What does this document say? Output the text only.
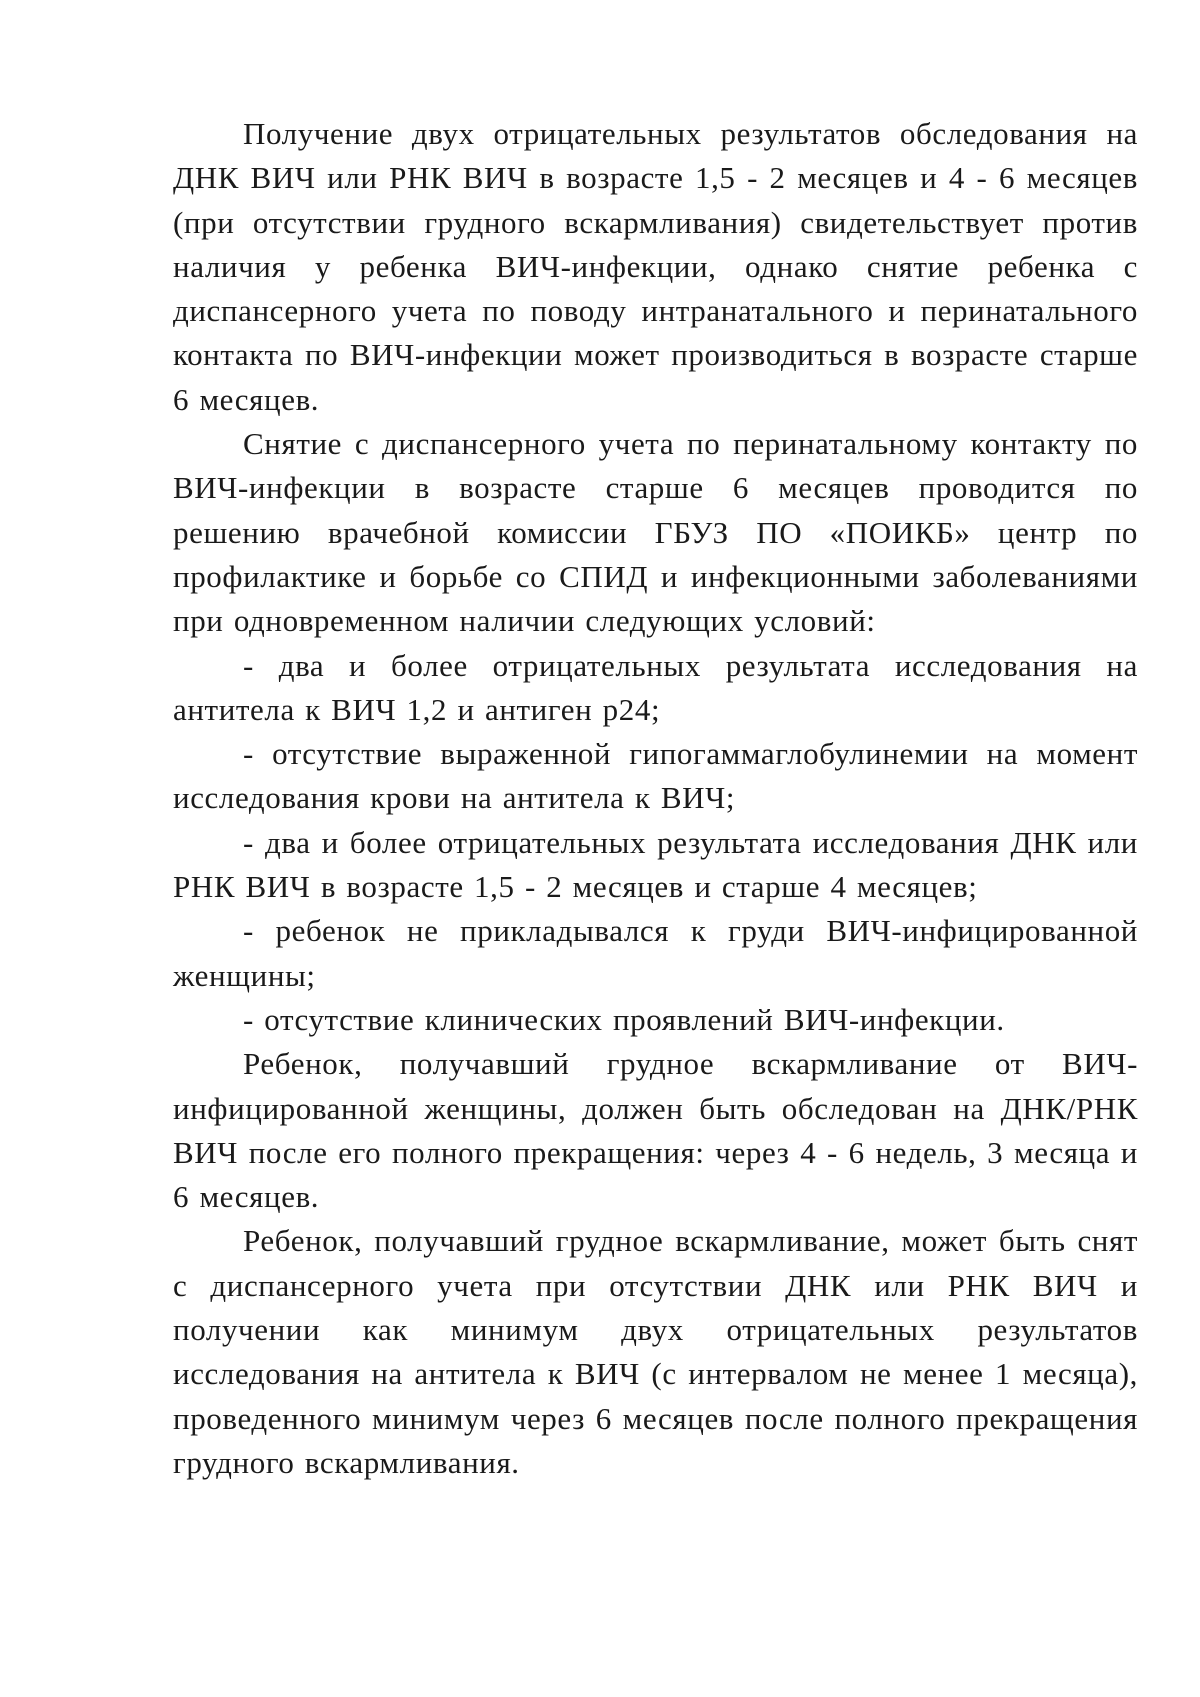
Получение двух отрицательных результатов обследования на ДНК ВИЧ или РНК ВИЧ в возрасте 1,5 - 2 месяцев и 4 - 6 месяцев (при отсутствии грудного вскармливания) свидетельствует против наличия у ребенка ВИЧ-инфекции, однако снятие ребенка с диспансерного учета по поводу интранатального и перинатального контакта по ВИЧ-инфекции может производиться в возрасте старше 6 месяцев.

Снятие с диспансерного учета по перинатальному контакту по ВИЧ-инфекции в возрасте старше 6 месяцев проводится по решению врачебной комиссии ГБУЗ ПО «ПОИКБ» центр по профилактике и борьбе со СПИД и инфекционными заболеваниями при одновременном наличии следующих условий:

- два и более отрицательных результата исследования на антитела к ВИЧ 1,2 и антиген р24;

- отсутствие выраженной гипогаммаглобулинемии на момент исследования крови на антитела к ВИЧ;

- два и более отрицательных результата исследования ДНК или РНК ВИЧ в возрасте 1,5 - 2 месяцев и старше 4 месяцев;

- ребенок не прикладывался к груди ВИЧ-инфицированной женщины;

- отсутствие клинических проявлений ВИЧ-инфекции.

Ребенок, получавший грудное вскармливание от ВИЧ-инфицированной женщины, должен быть обследован на ДНК/РНК ВИЧ после его полного прекращения: через 4 - 6 недель, 3 месяца и 6 месяцев.

Ребенок, получавший грудное вскармливание, может быть снят с диспансерного учета при отсутствии ДНК или РНК ВИЧ и получении как минимум двух отрицательных результатов исследования на антитела к ВИЧ (с интервалом не менее 1 месяца), проведенного минимум через 6 месяцев после полного прекращения грудного вскармливания.
